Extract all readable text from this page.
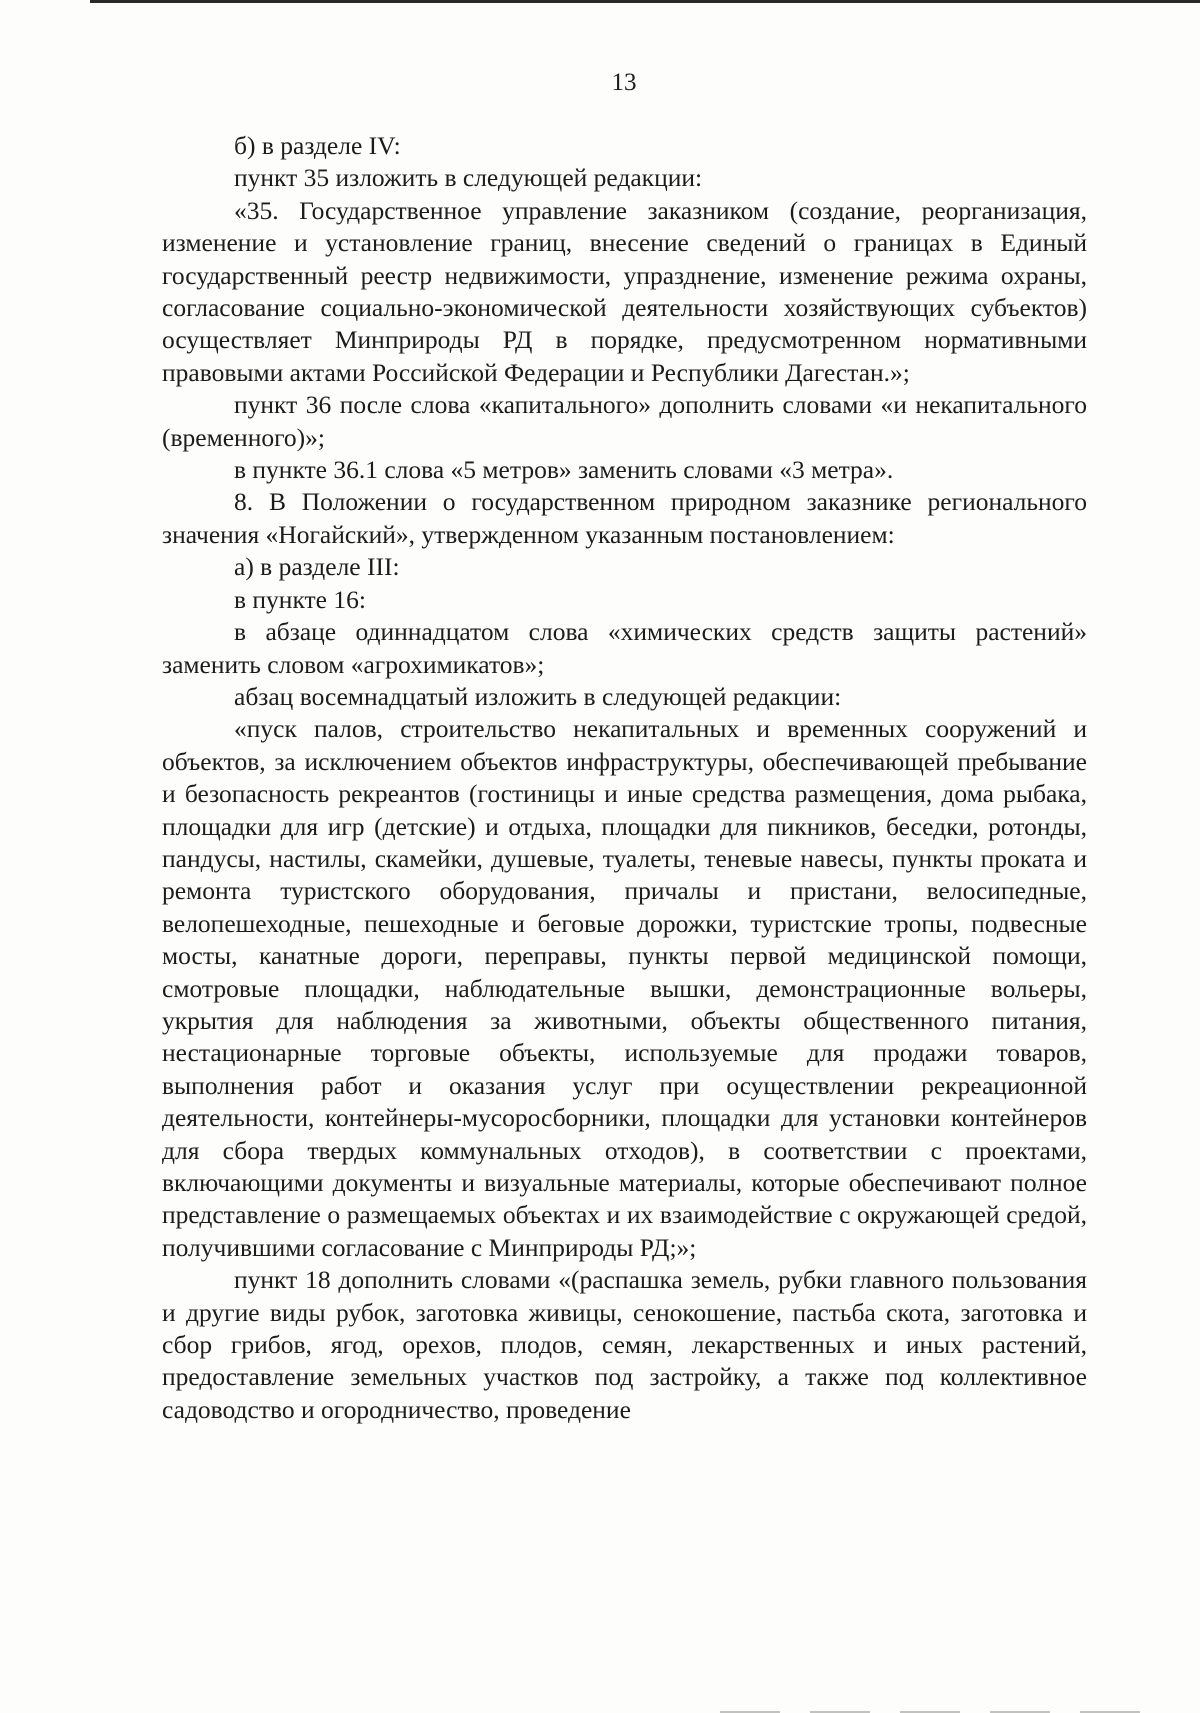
13

б) в разделе IV:

пункт 35 изложить в следующей редакции:

«35. Государственное управление заказником (создание, реорганизация, изменение и установление границ, внесение сведений о границах в Единый государственный реестр недвижимости, упразднение, изменение режима охраны, согласование социально-экономической деятельности хозяйствующих субъектов) осуществляет Минприроды РД в порядке, предусмотренном нормативными правовыми актами Российской Федерации и Республики Дагестан.»;

пункт 36 после слова «капитального» дополнить словами «и некапитального (временного)»;

в пункте 36.1 слова «5 метров» заменить словами «3 метра».

8. В Положении о государственном природном заказнике регионального значения «Ногайский», утвержденном указанным постановлением:

а) в разделе III:

в пункте 16:

в абзаце одиннадцатом слова «химических средств защиты растений» заменить словом «агрохимикатов»;

абзац восемнадцатый изложить в следующей редакции:

«пуск палов, строительство некапитальных и временных сооружений и объектов, за исключением объектов инфраструктуры, обеспечивающей пребывание и безопасность рекреантов (гостиницы и иные средства размещения, дома рыбака, площадки для игр (детские) и отдыха, площадки для пикников, беседки, ротонды, пандусы, настилы, скамейки, душевые, туалеты, теневые навесы, пункты проката и ремонта туристского оборудования, причалы и пристани, велосипедные, велопешеходные, пешеходные и беговые дорожки, туристские тропы, подвесные мосты, канатные дороги, переправы, пункты первой медицинской помощи, смотровые площадки, наблюдательные вышки, демонстрационные вольеры, укрытия для наблюдения за животными, объекты общественного питания, нестационарные торговые объекты, используемые для продажи товаров, выполнения работ и оказания услуг при осуществлении рекреационной деятельности, контейнеры-мусоросборники, площадки для установки контейнеров для сбора твердых коммунальных отходов), в соответствии с проектами, включающими документы и визуальные материалы, которые обеспечивают полное представление о размещаемых объектах и их взаимодействие с окружающей средой, получившими согласование с Минприроды РД;»;

пункт 18 дополнить словами «(распашка земель, рубки главного пользования и другие виды рубок, заготовка живицы, сенокошение, пастьба скота, заготовка и сбор грибов, ягод, орехов, плодов, семян, лекарственных и иных растений, предоставление земельных участков под застройку, а также под коллективное садоводство и огородничество, проведение
